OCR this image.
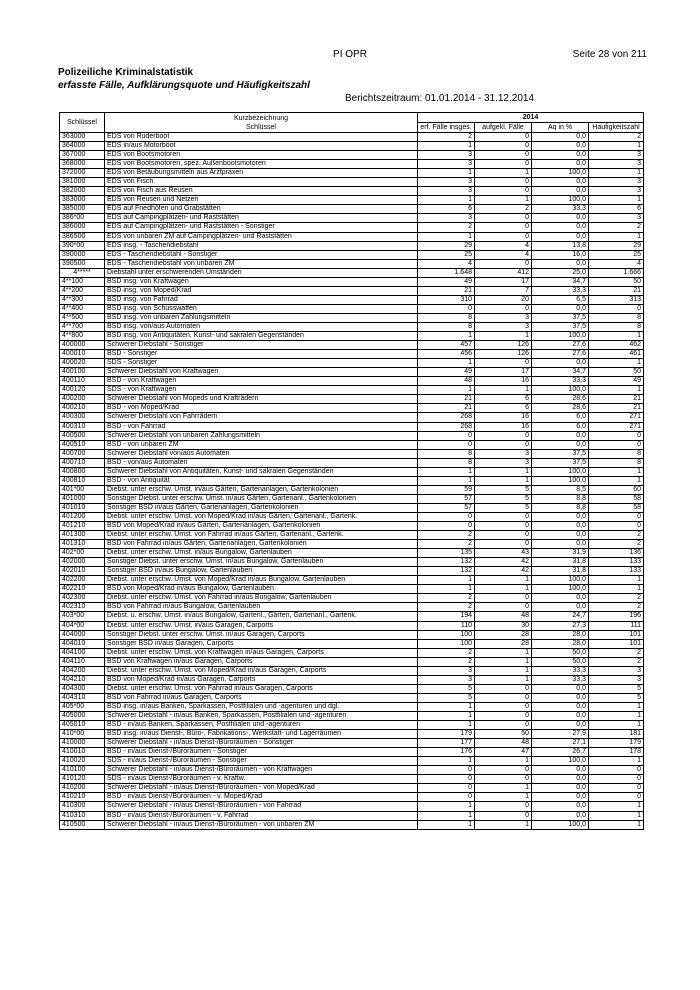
PI OPR	Seite 28 von 211
Polizeiliche Kriminalstatistik
erfasste Fälle, Aufklärungsquote und Häufigkeitszahl
Berichtszeitraum: 01.01.2014 - 31.12.2014
Schlüssel	Kurzbezeichnung
Schlüssel	2014			
		erf. Fälle insges.	aufgekl. Fälle	Aq in %	Haufigkeitszahl
363000	EDS von Ruderboot	2	0	0,0	2
364000	EDS in/aus Motorboot	1	0	0,0	1
367000	EDS von Bootsmotoren	3	0	0,0	3
368000	EDS von Bootsmotoren, spez. Außenbootsmotoren	3	0	0,0	3
372000	EDS von Betäubungsmitteln aus Arztpraxen	1	1	100,0	1
381000	EDS von Fisch	3	0	0,0	3
382000	EDS von Fisch aus Reusen	3	0	0,0	3
383000	EDS von Reusen und Netzen	1	1	100,0	1
385000	EDS auf Friedhöfen und Grabstätten	6	2	33,3	6
386*00	EDS auf Campingplätzen- und Raststätten	3	0	0,0	3
386000	EDS auf Campingplätzen- und Raststätten - Sonstiger	2	0	0,0	2
386500	EDS von unbaren ZM auf Campingplätzen- und Raststätten	1	0	0,0	1
390*00	EDS insg. - Taschendiebstahl	29	4	13,8	29
390000	EDS - Taschendiebstahl - Sonstiger	25	4	16,0	25
390500	EDS - Taschendiebstahl von unbaren ZM	4	0	0,0	4
4*****	Diebstahl unter erschwerenden Umständen	1.648	412	25,0	1.666
4**100	BSD insg. von Kraftwagen	49	17	34,7	50
4**200	BSD insg. von Moped/Krad	21	7	33,3	21
4**300	BSD insg. von Fahrrad	310	20	6,5	313
4**400	BSD insg. von Schusswaffen	0	0	0,0	0
4**500	BSD insg. von unbaren Zahlungsmitteln	8	3	37,5	8
4**700	BSD insg. von/aus Automaten	8	3	37,5	8
4**800	BSD insg. von Antiquitäten, Kunst- und sakralen Gegenständen	1	1	100,0	1
400000	Schwerer Diebstahl - Sonstiger	457	126	27,6	462
400010	BSD - Sonstiger	456	126	27,6	461
400020	SDS - Sonstiger	1	0	0,0	1
400100	Schwerer Diebstahl von Kraftwagen	49	17	34,7	50
400110	BSD - von Kraftwagen	48	16	33,3	49
400120	SDS - von Kraftwagen	1	1	100,0	1
400200	Schwerer Diebstahl von Mopeds und Krafträdern	21	6	28,6	21
400210	BSD - von Moped/Krad	21	6	28,6	21
400300	Schwerer Diebstahl von Fahrrädern	268	16	6,0	271
400310	BSD - von Fahrrad	268	16	6,0	271
400500	Schwerer Diebstahl von unbaren Zahlungsmitteln	0	0	0,0	0
400510	BSD - von unbaren ZM	0	0	0,0	0
400700	Schwerer Diebstahl von/aus Automaten	8	3	37,5	8
400710	BSD - von/aus Automaten	8	3	37,5	8
400800	Schwerer Diebstahl von Antiquitäten, Kunst- und sakralen Gegenständen	1	1	100,0	1
400810	BSD - von Antiquität	1	1	100,0	1
401*00	Diebst. unter erschw. Umst. in/aus Gärten, Gartenanlagen, Gartenkolonien	59	5	8,5	60
401000	Sonstiger Diebst. unter erschw. Umst. in/aus Gärten, Gartenanl., Gartenkolonien	57	5	8,8	58
401010	Sonstiger BSD in/aus Gärten, Gartenanlagen, Gartenkolonien	57	5	8,8	58
401200	Diebst. unter erschw. Umst. von Moped/Krad in/aus Gärten, Gartenanl., Gartenk.	0	0	0,0	0
401210	BSD von Moped/Krad in/aus Gärten, Gartenanlagen, Gartenkolonien	0	0	0,0	0
401300	Diebst. unter erschw. Umst. von Fahrrad in/aus Gärten, Gartenanl., Gartenk.	2	0	0,0	2
401310	BSD von Fahrrad in/aus Gärten, Gartenanlagen, Gartenkolonien	2	0	0,0	2
402*00	Diebst. unter erschw. Umst. in/aus Bungalow, Gartenlauben	135	43	31,9	136
402000	Sonstiger Diebst. unter erschw. Umst. in/aus Bungalow, Gartenlauben	132	42	31,8	133
402010	Sonstiger BSD in/aus Bungalow, Gartenlauben	132	42	31,8	133
402200	Diebst. unter erschw. Umst. von Moped/Krad in/aus Bungalow, Gartenlauben	1	1	100,0	1
402210	BSD von Moped/Krad in/aus Bungalow, Gartenlauben	1	1	100,0	1
402300	Diebst. unter erschw. Umst. von Fahrrad in/aus Bungalow, Gartenlauben	2	0	0,0	2
402310	BSD von Fahrrad in/aus Bungalow, Gartenlauben	2	0	0,0	2
403*00	Diebst. u. erschw. Umst. in/aus Bungalow, Gartenl., Gärten, Gartenanl., Gartenk.	194	48	24,7	196
404*00	Diebst. unter erschw. Umst. in/aus Garagen, Carports	110	30	27,3	111
404000	Sonstiger Diebst. unter erschw. Umst. in/aus Garagen, Carports	100	28	28,0	101
404010	Sonstiger BSD in/aus Garagen, Carports	100	28	28,0	101
404100	Diebst. unter erschw. Umst. von Kraftwagen in/aus Garagen, Carports	2	1	50,0	2
404110	BSD von Kraftwagen in/aus Garagen, Carports	2	1	50,0	2
404200	Diebst. unter erschw. Umst. von Moped/Krad in/aus Garagen, Carports	3	1	33,3	3
404210	BSD von Moped/Krad in/aus Garagen, Carports	3	1	33,3	3
404300	Diebst. unter erschw. Umst. von Fahrrad in/aus Garagen, Carports	5	0	0,0	5
404310	BSD von Fahrrad in/aus Garagen, Carports	5	0	0,0	5
405*00	BSD insg. in/aus Banken, Sparkassen, Postfilialen und -agenturen und dgl.	1	0	0,0	1
405000	Schwerer Diebstahl - in/aus Banken, Sparkassen, Postfilialen und -agenturen	1	0	0,0	1
405010	BSD - in/aus Banken, Sparkassen, Postfilialen und -agenturen	1	0	0,0	1
410*00	BSD insg. in/aus Dienst-, Büro-, Fabrikations-, Werkstatt- und Lagerräumen	179	50	27,9	181
410000	Schwerer Diebstahl - in/aus Dienst-/Büroräumen - Sonstiger	177	48	27,1	179
410010	BSD - in/aus Dienst-/Büroräumen - Sonstiger	176	47	26,7	178
410020	SDS - in/aus Dienst-/Büroräumen - Sonstiger	1	1	100,0	1
410100	Schwerer Diebstahl - in/aus Dienst-/Büroräumen - von Kraftwagen	0	0	0,0	0
410120	SDS - in/aus Dienst-/Büroräumen - v. Kraftw.	0	0	0,0	0
410200	Schwerer Diebstahl - in/aus Dienst-/Büroräumen - von Moped/Krad	0	1	0,0	0
410210	BSD - in/aus Dienst-/Büroräumen - v. Moped/Krad	0	1	0,0	0
410300	Schwerer Diebstahl - in/aus Dienst-/Büroräumen - von Fahrrad	1	0	0,0	1
410310	BSD - in/aus Dienst-/Büroräumen - v. Fahrrad	1	0	0,0	1
410500	Schwerer Diebstahl - in/aus Dienst-/Büroräumen - von unbaren ZM	1	1	100,0	1
